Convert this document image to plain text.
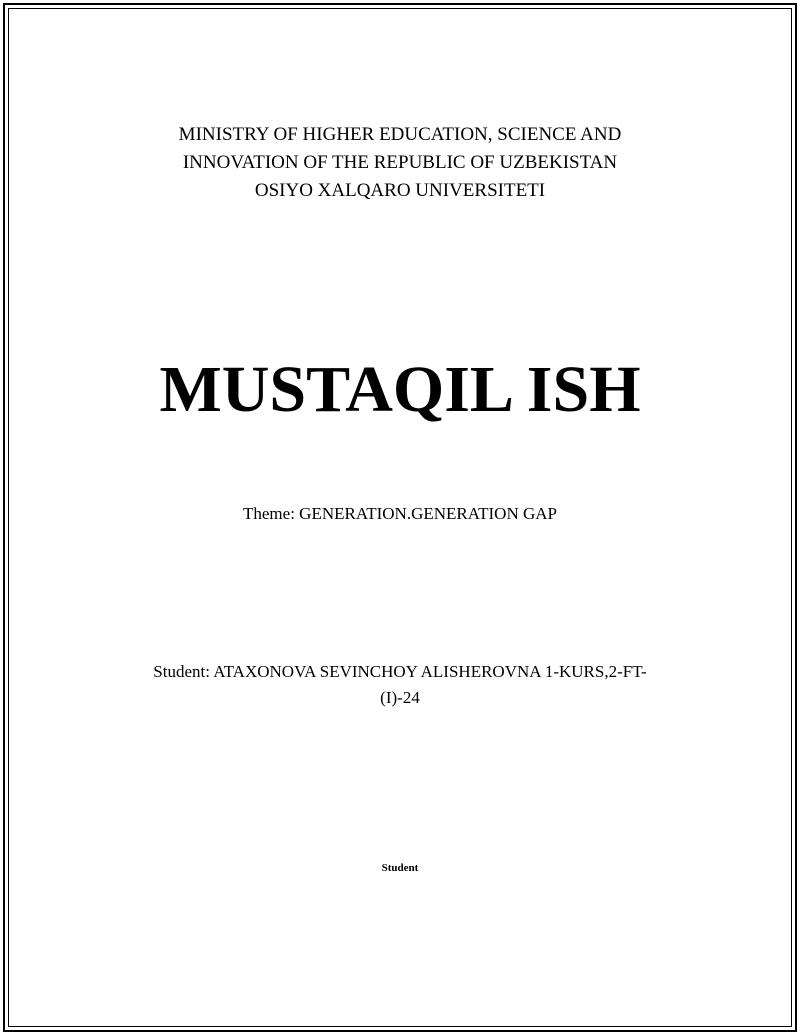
MINISTRY OF HIGHER EDUCATION, SCIENCE AND
INNOVATION OF THE REPUBLIC OF UZBEKISTAN
OSIYO XALQARO UNIVERSITETI
MUSTAQIL ISH
Theme: GENERATION.GENERATION GAP
Student: ATAXONOVA SEVINCHOY ALISHEROVNA 1-KURS,2-FT-
(I)-24
Student
